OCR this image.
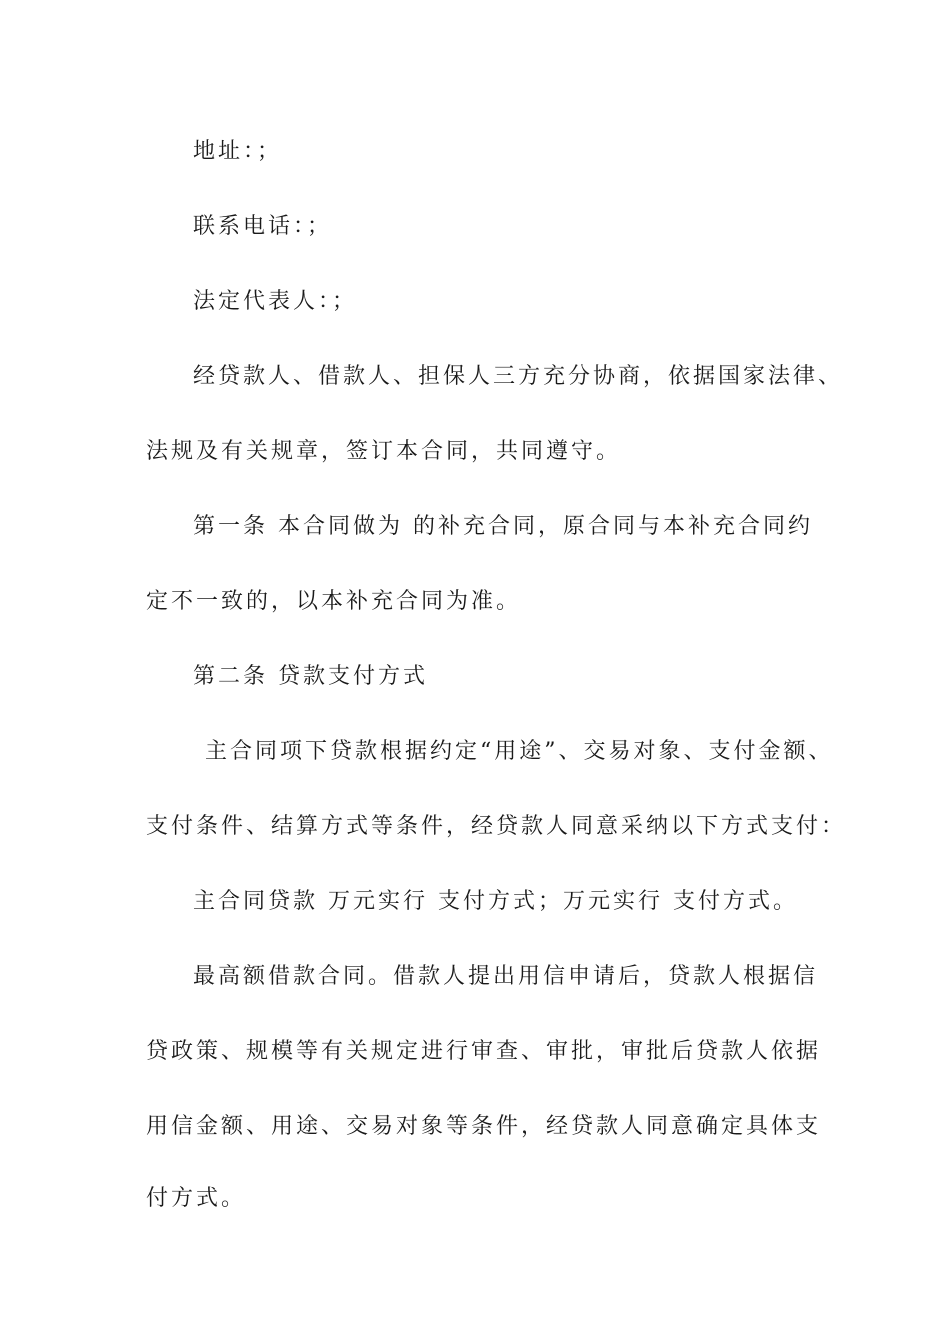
地址：；
联系电话：；
法定代表人：；
经贷款人、借款人、担保人三方充分协商，依据国家法律、
法规及有关规章，签订本合同，共同遵守。
第一条 本合同做为 的补充合同，原合同与本补充合同约
定不一致的，以本补充合同为准。
第二条 贷款支付方式
主合同项下贷款根据约定“用途”、交易对象、支付金额、
支付条件、结算方式等条件，经贷款人同意采纳以下方式支付：
主合同贷款 万元实行 支付方式；万元实行 支付方式。
最高额借款合同。借款人提出用信申请后，贷款人根据信
贷政策、规模等有关规定进行审查、审批，审批后贷款人依据
用信金额、用途、交易对象等条件，经贷款人同意确定具体支
付方式。
